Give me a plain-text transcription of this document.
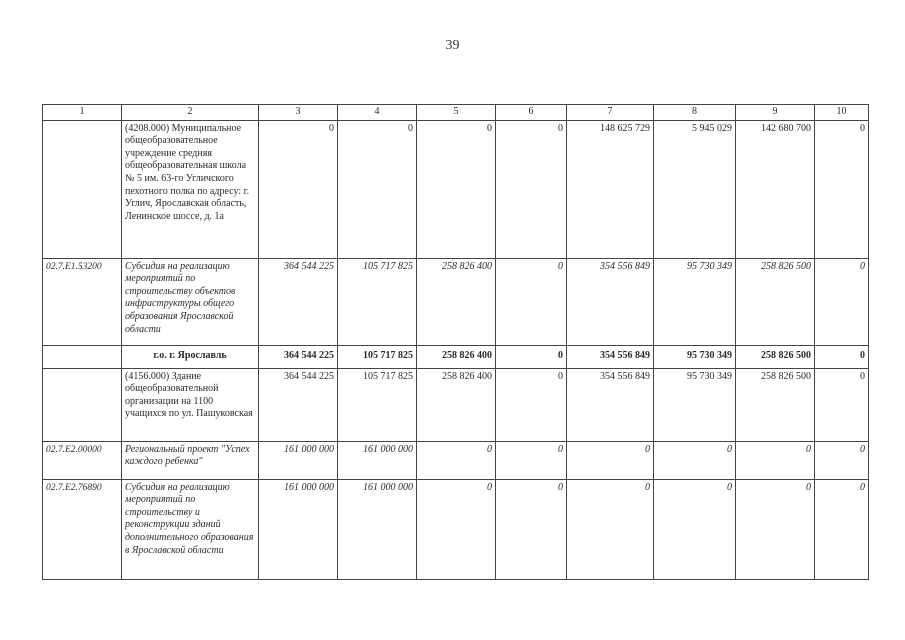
39
1	2	3	4	5	6	7	8	9	10
	(4208.000) Муниципальное общеобразовательное учреждение средняя общеобразовательная школа № 5 им. 63-го Угличского пехотного полка по адресу: г. Углич, Ярославская область, Ленинское шоссе, д. 1а	0	0	0	0	148 625 729	5 945 029	142 680 700	0
02.7.E1.53200	Субсидия на реализацию мероприятий по строительству объектов инфраструктуры общего образования Ярославской области	364 544 225	105 717 825	258 826 400	0	354 556 849	95 730 349	258 826 500	0
	г.о. г. Ярославль	364 544 225	105 717 825	258 826 400	0	354 556 849	95 730 349	258 826 500	0
	(4156.000) Здание общеобразовательной организации на 1100 учащихся по ул. Пашуковская	364 544 225	105 717 825	258 826 400	0	354 556 849	95 730 349	258 826 500	0
02.7.E2.00000	Региональный проект "Успех каждого ребенка"	161 000 000	161 000 000	0	0	0	0	0	0
02.7.E2.76890	Субсидия на реализацию мероприятий по строительству и реконструкции зданий дополнительного образования в Ярославской области	161 000 000	161 000 000	0	0	0	0	0	0
